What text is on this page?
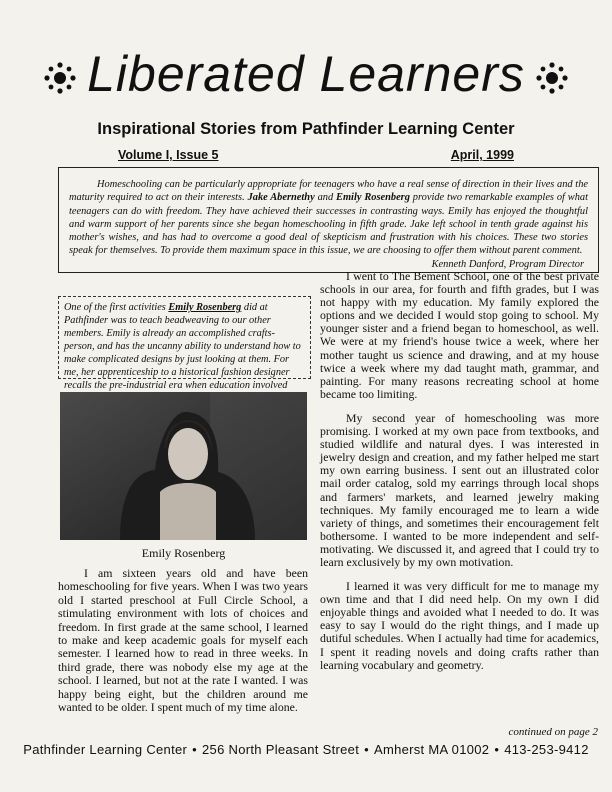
Liberated Learners
Inspirational Stories from Pathfinder Learning Center
Volume I, Issue 5	April, 1999

Homeschooling can be particularly appropriate for teenagers who have a real sense of direction in their lives and the maturity required to act on their interests. Jake Abernethy and Emily Rosenberg provide two remarkable examples of what teenagers can do with freedom. They have achieved their successes in contrasting ways. Emily has enjoyed the thoughtful and warm support of her parents since she began homeschooling in fifth grade. Jake left school in tenth grade against his mother's wishes, and has had to overcome a good deal of skepticism and frustration with his choices. These two stories speak for themselves. To provide them maximum space in this issue, we are choosing to offer them without parent comment.
Kenneth Danford, Program Director

One of the first activities Emily Rosenberg did at Pathfinder was to teach beadweaving to our other members. Emily is already an accomplished crafts-person, and has the uncanny ability to understand how to make complicated designs by just looking at them. For me, her apprenticeship to a historical fashion designer recalls the pre-industrial era when education involved
Emily Rosenberg

I am sixteen years old and have been homeschooling for five years. When I was two years old I started preschool at Full Circle School, a stimulating environment with lots of choices and freedom. In first grade at the same school, I learned to make and keep academic goals for myself each semester. I learned how to read in three weeks. In third grade, there was nobody else my age at the school. I learned, but not at the rate I wanted. I was happy being eight, but the children around me wanted to be older. I spent much of my time alone.

I went to The Bement School, one of the best private schools in our area, for fourth and fifth grades, but I was not happy with my education. My family explored the options and we decided I would stop going to school. My younger sister and a friend began to homeschool, as well. We were at my friend's house twice a week, where her mother taught us science and drawing, and at my house twice a week where my dad taught math, grammar, and painting. For many reasons recreating school at home became too limiting.

My second year of homeschooling was more promising. I worked at my own pace from textbooks, and studied wildlife and natural dyes. I was interested in jewelry design and creation, and my father helped me start my own earring business. I sent out an illustrated color mail order catalog, sold my earrings through local shops and farmers' markets, and learned jewelry making techniques. My family encouraged me to learn a wide variety of things, and sometimes their encouragement felt bothersome. I wanted to be more independent and self-motivating. We discussed it, and agreed that I could try to learn exclusively by my own motivation.

I learned it was very difficult for me to manage my own time and that I did need help. On my own I did enjoyable things and avoided what I needed to do. It was easy to say I would do the right things, and I made up dutiful schedules. When I actually had time for academics, I spent it reading novels and doing crafts rather than learning vocabulary and geometry.

continued on page 2
Pathfinder Learning Center • 256 North Pleasant Street • Amherst MA 01002 • 413-253-9412
